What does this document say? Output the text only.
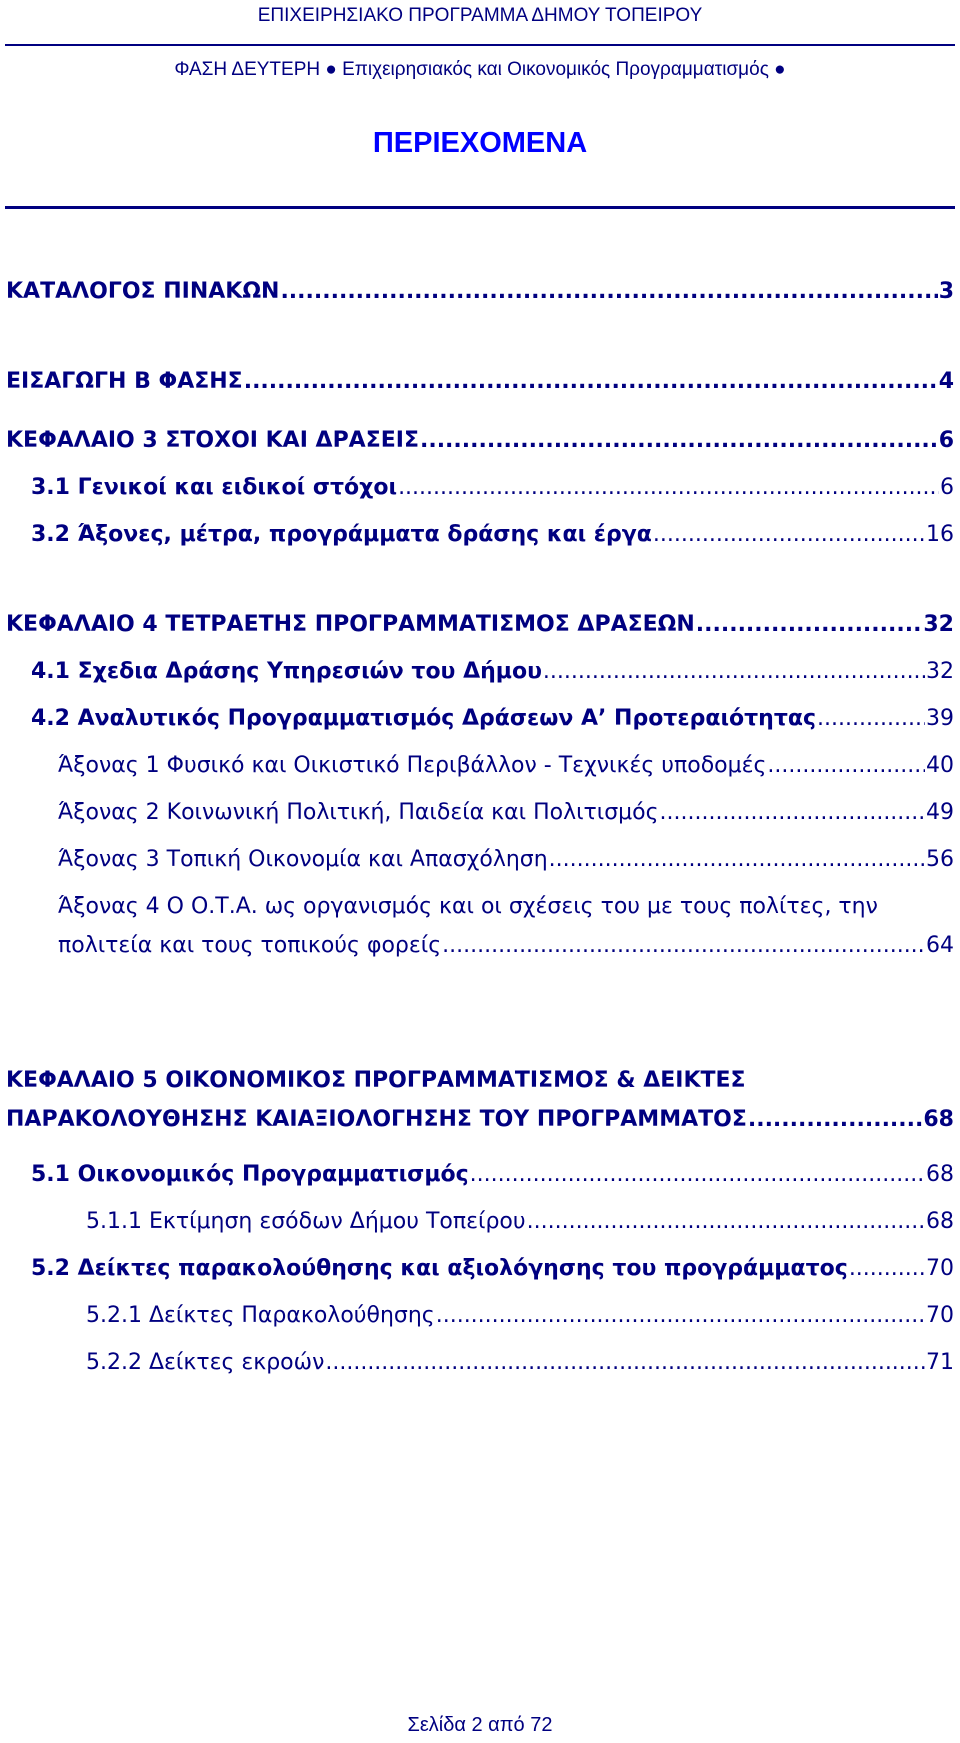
ΕΠΙΧΕΙΡΗΣΙΑΚΟ ΠΡΟΓΡΑΜΜΑ ΔΗΜΟΥ ΤΟΠΕΙΡΟΥ
ΦΑΣΗ ΔΕΥΤΕΡΗ ● Επιχειρησιακός και Οικονομικός Προγραμματισμός ●
ΠΕΡΙΕΧΟΜΕΝΑ
ΚΑΤΑΛΟΓΟΣ ΠΙΝΑΚΩΝ .....	3
ΕΙΣΑΓΩΓΗ Β ΦΑΣΗΣ .....	4
ΚΕΦΑΛΑΙΟ 3 ΣΤΟΧΟΙ ΚΑΙ ΔΡΑΣΕΙΣ .....	6
3.1 Γενικοί και ειδικοί στόχοι .....	6
3.2 Άξονες, μέτρα, προγράμματα δράσης και έργα .....	16
ΚΕΦΑΛΑΙΟ 4 ΤΕΤΡΑΕΤΗΣ ΠΡΟΓΡΑΜΜΑΤΙΣΜΟΣ ΔΡΑΣΕΩΝ .....	32
4.1 Σχεδια Δράσης Υπηρεσιών του Δήμου .....	32
4.2 Αναλυτικός Προγραμματισμός Δράσεων Α’ Προτεραιότητας .....	39
Άξονας 1 Φυσικό και Οικιστικό Περιβάλλον - Τεχνικές υποδομές .....	40
Άξονας 2 Κοινωνική Πολιτική, Παιδεία και Πολιτισμός .....	49
Άξονας 3 Τοπική Οικονομία και Απασχόληση .....	56
Άξονας 4 Ο Ο.Τ.Α. ως οργανισμός και οι σχέσεις του με τους πολίτες, την
πολιτεία και τους τοπικούς φορείς .....	64
ΚΕΦΑΛΑΙΟ 5 ΟΙΚΟΝΟΜΙΚΟΣ ΠΡΟΓΡΑΜΜΑΤΙΣΜΟΣ & ΔΕΙΚΤΕΣ
ΠΑΡΑΚΟΛΟΥΘΗΣΗΣ ΚΑΙΑΞΙΟΛΟΓΗΣΗΣ ΤΟΥ ΠΡΟΓΡΑΜΜΑΤΟΣ .....	68
5.1 Οικονομικός Προγραμματισμός .....	68
5.1.1 Εκτίμηση εσόδων Δήμου Τοπείρου .....	68
5.2 Δείκτες παρακολούθησης και αξιολόγησης του προγράμματος .....	70
5.2.1 Δείκτες Παρακολούθησης .....	70
5.2.2 Δείκτες εκροών .....	71
Σελίδα 2 από 72
